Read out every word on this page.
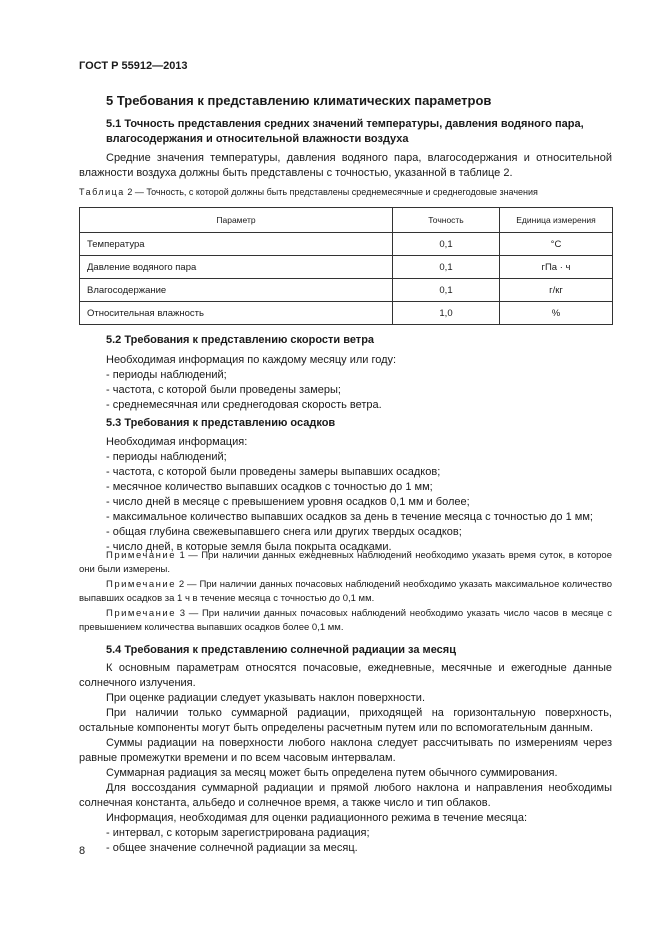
ГОСТ Р 55912—2013
5 Требования к представлению климатических параметров
5.1 Точность представления средних значений температуры, давления водяного пара, влагосодержания и относительной влажности воздуха

Средние значения температуры, давления водяного пара, влагосодержания и относительной влажности воздуха должны быть представлены с точностью, указанной в таблице 2.

Таблица 2 — Точность, с которой должны быть представлены среднемесячные и среднегодовые значения
Параметр	Точность	Единица измерения
Температура	0,1	°C
Давление водяного пара	0,1	гПа · ч
Влагосодержание	0,1	г/кг
Относительная влажность	1,0	%
5.2 Требования к представлению скорости ветра
Необходимая информация по каждому месяцу или году:
- периоды наблюдений;
- частота, с которой были проведены замеры;
- среднемесячная или среднегодовая скорость ветра.
5.3 Требования к представлению осадков
Необходимая информация:
- периоды наблюдений;
- частота, с которой были проведены замеры выпавших осадков;
- месячное количество выпавших осадков с точностью до 1 мм;
- число дней в месяце с превышением уровня осадков 0,1 мм и более;
- максимальное количество выпавших осадков за день в течение месяца с точностью до 1 мм;
- общая глубина свежевыпавшего снега или других твердых осадков;
- число дней, в которые земля была покрыта осадками.

Примечание 1 — При наличии данных ежедневных наблюдений необходимо указать время суток, в которое они были измерены.

Примечание 2 — При наличии данных почасовых наблюдений необходимо указать максимальное количество выпавших осадков за 1 ч в течение месяца с точностью до 0,1 мм.

Примечание 3 — При наличии данных почасовых наблюдений необходимо указать число часов в месяце с превышением количества выпавших осадков более 0,1 мм.

5.4 Требования к представлению солнечной радиации за месяц

К основным параметрам относятся почасовые, ежедневные, месячные и ежегодные данные солнечного излучения.

При оценке радиации следует указывать наклон поверхности.

При наличии только суммарной радиации, приходящей на горизонтальную поверхность, остальные компоненты могут быть определены расчетным путем или по вспомогательным данным.

Суммы радиации на поверхности любого наклона следует рассчитывать по измерениям через равные промежутки времени и по всем часовым интервалам.

Суммарная радиация за месяц может быть определена путем обычного суммирования.

Для воссоздания суммарной радиации и прямой любого наклона и направления необходимы солнечная константа, альбедо и солнечное время, а также число и тип облаков.

Информация, необходимая для оценки радиационного режима в течение месяца:

- интервал, с которым зарегистрирована радиация;
- общее значение солнечной радиации за месяц.
8
